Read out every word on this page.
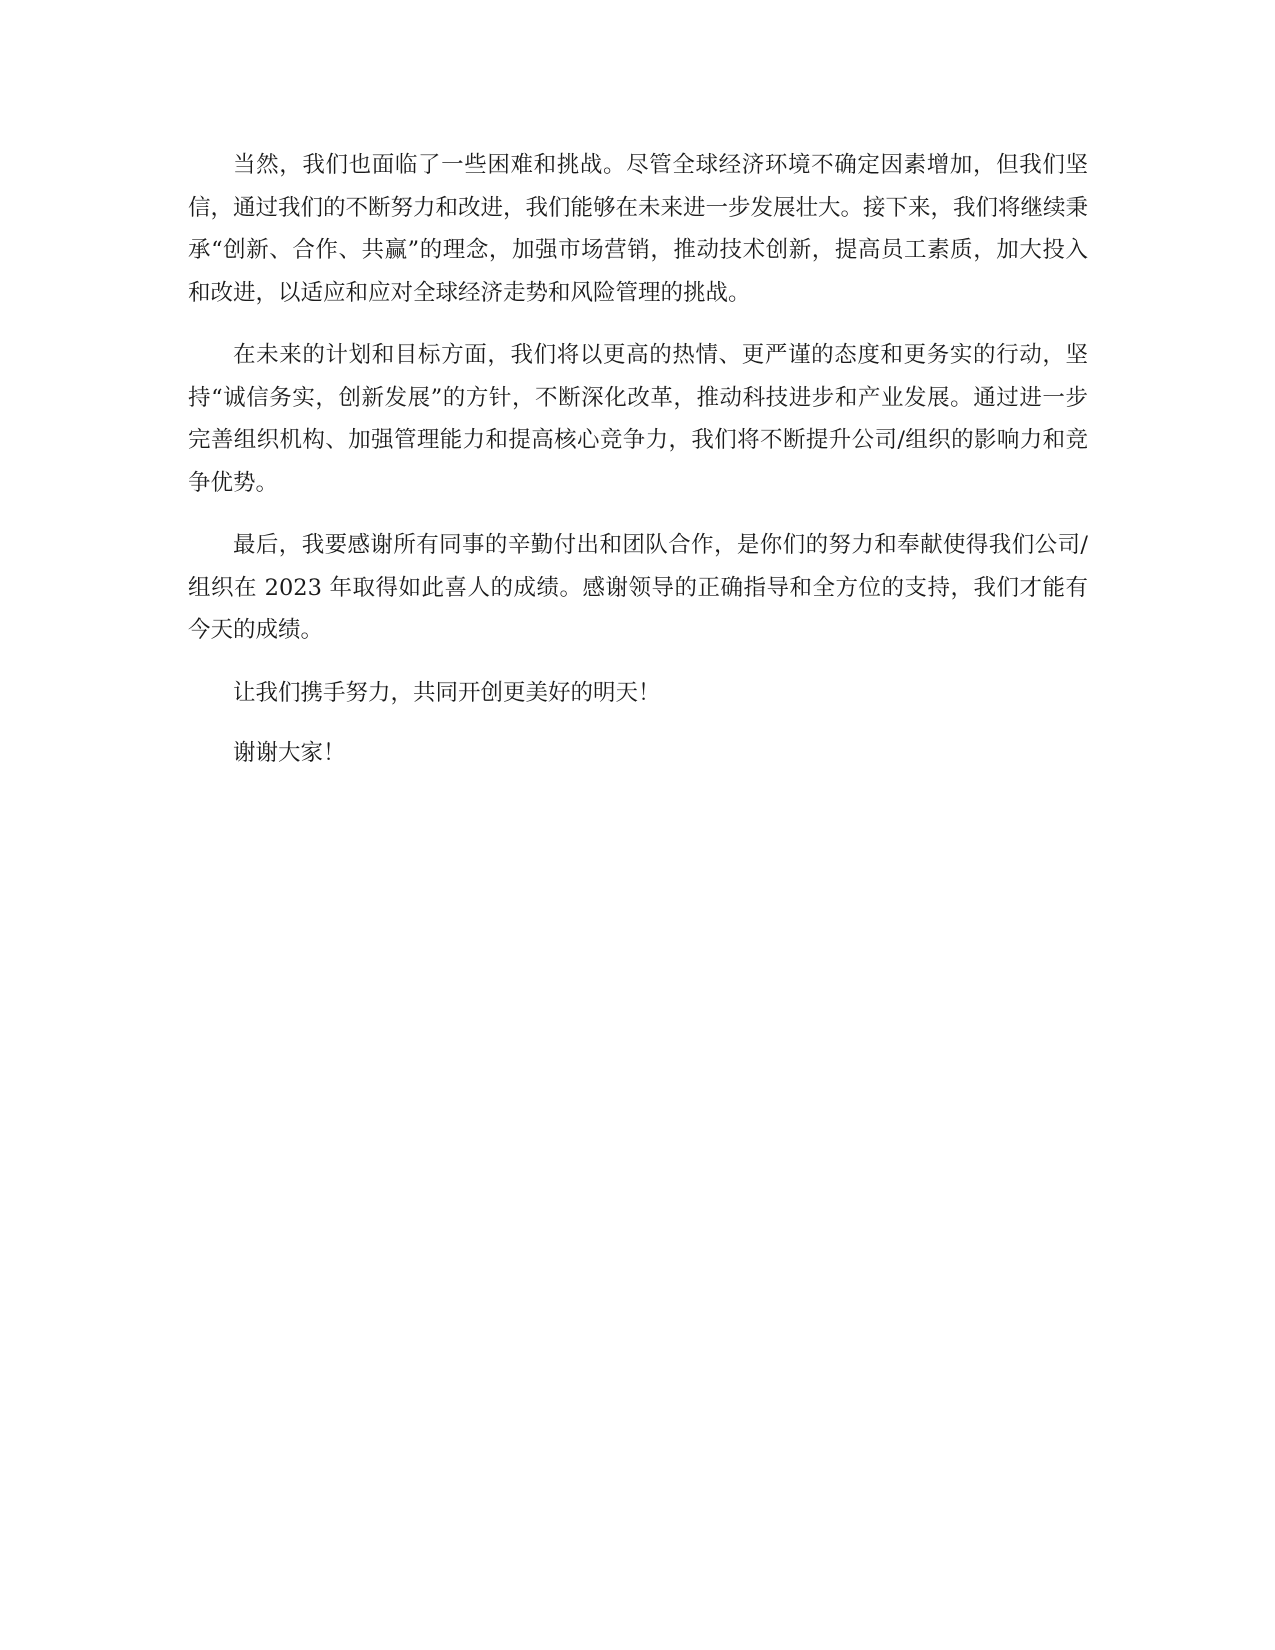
当然，我们也面临了一些困难和挑战。尽管全球经济环境不确定因素增加，但我们坚信，通过我们的不断努力和改进，我们能够在未来进一步发展壮大。接下来，我们将继续秉承“创新、合作、共赢”的理念，加强市场营销，推动技术创新，提高员工素质，加大投入和改进，以适应和应对全球经济走势和风险管理的挑战。

在未来的计划和目标方面，我们将以更高的热情、更严谨的态度和更务实的行动，坚持“诚信务实，创新发展”的方针，不断深化改革，推动科技进步和产业发展。通过进一步完善组织机构、加强管理能力和提高核心竞争力，我们将不断提升公司/组织的影响力和竞争优势。

最后，我要感谢所有同事的辛勤付出和团队合作，是你们的努力和奉献使得我们公司/组织在 2023 年取得如此喜人的成绩。感谢领导的正确指导和全方位的支持，我们才能有今天的成绩。

让我们携手努力，共同开创更美好的明天！

谢谢大家！
